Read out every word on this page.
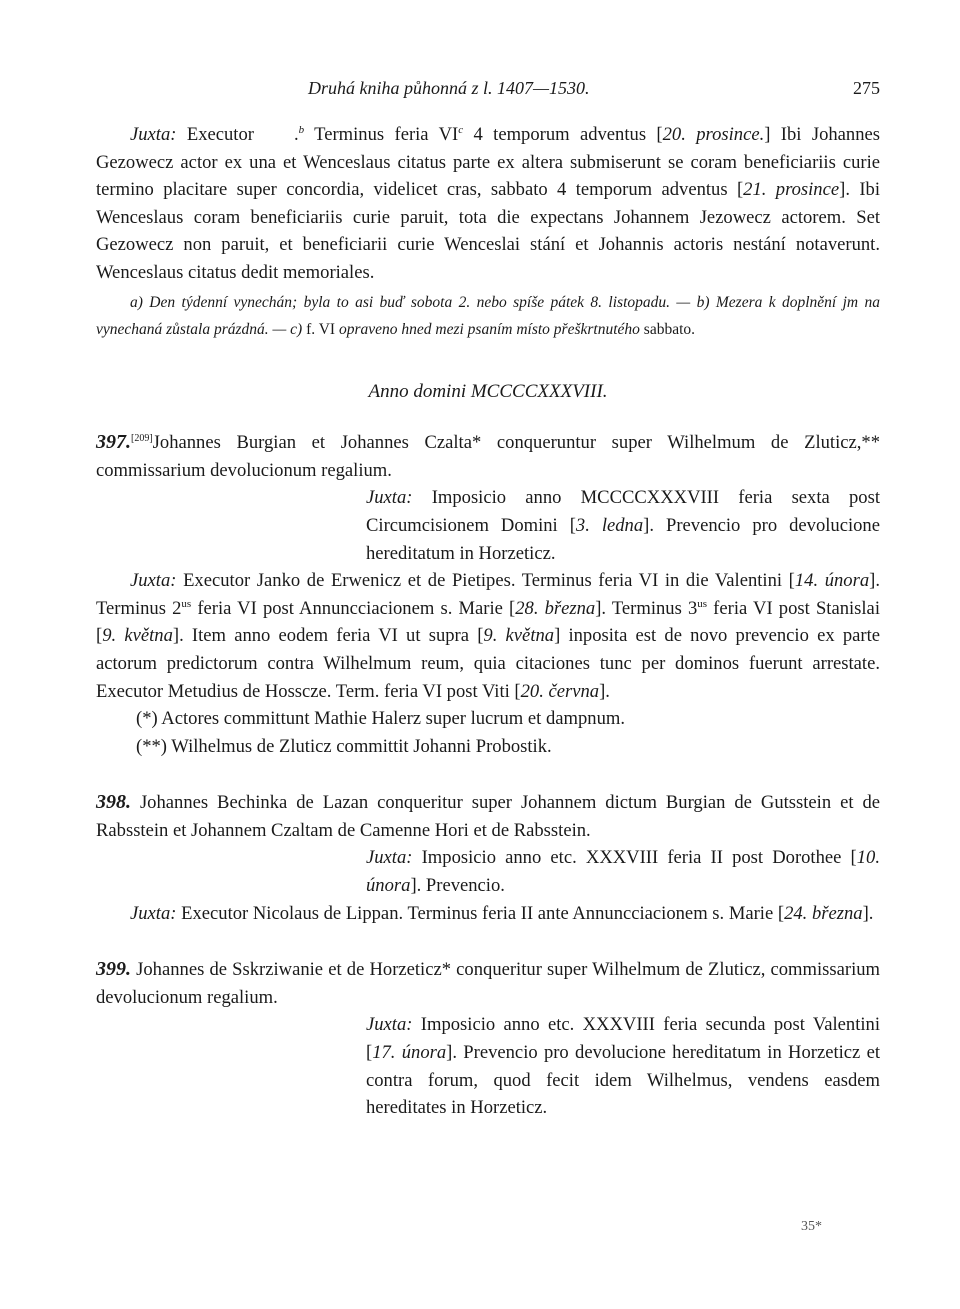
Druhá kniha půhonná z l. 1407—1530.	275

Juxta: Executor .$^b$ Terminus feria $VI^c$ 4 temporum adventus [20. prosince.] Ibi Johannes Gezowecz actor ex una et Wenceslaus citatus parte ex altera submiserunt se coram beneficiariis curie termino placitare super concordia, videlicet cras, sabbato 4 temporum adventus [21. prosince]. Ibi Wenceslaus coram beneficiariis curie paruit, tota die expectans Johannem Jezowecz actorem. Set Gezowecz non paruit, et beneficiarii curie Wenceslai stání et Johannis actoris nestání notaverunt. Wenceslaus citatus dedit memoriales.

a) Den týdenní vynechán; byla to asi buď sobota 2. nebo spíše pátek 8. listopadu. — b) Mezera k doplnění jm na vynechaná zůstala prázdná. — c) f. VI opraveno hned mezi psaním místo přeškrtnutého sabbato.

Anno domini MCCCCXXXVIII.

397.[209]Johannes Burgian et Johannes Czalta* conqueruntur super Wilhelmum de Zluticz,** commissarium devolucionum regalium.

Juxta: Imposicio anno MCCCCXXXVIII feria sexta post Circumcisionem Domini [3. ledna]. Prevencio pro devolucione hereditatum in Horzeticz.

Juxta: Executor Janko de Erwenicz et de Pietipes. Terminus feria VI in die Valentini [14. února]. Terminus $2^{us}$ feria VI post Annuncciacionem s. Marie [28. března]. Terminus $3^{us}$ feria VI post Stanislai [9. května]. Item anno eodem feria VI ut supra [9. května] inposita est de novo prevencio ex parte actorum predictorum contra Wilhelmum reum, quia citaciones tunc per dominos fuerunt arrestate. Executor Metudius de Hossсze. Term. feria VI post Viti [20. června].

(*) Actores committunt Mathie Halerz super lucrum et dampnum.

(**) Wilhelmus de Zluticz committit Johanni Probostik.

398. Johannes Bechinka de Lazan conqueritur super Johannem dictum Burgian de Gutsstein et de Rabsstein et Johannem Czaltam de Camenne Hori et de Rabsstein.

Juxta: Imposicio anno etc. XXXVIII feria II post Dorothee [10. února]. Prevencio.

Juxta: Executor Nicolaus de Lippan. Terminus feria II ante Annuncciacionem s. Marie [24. března].

399. Johannes de Sskrziwanie et de Horzeticz* conqueritur super Wilhelmum de Zluticz, commissarium devolucionum regalium.

Juxta: Imposicio anno etc. XXXVIII feria secunda post Valentini [17. února]. Prevencio pro devolucione hereditatum in Horzeticz et contra forum, quod fecit idem Wilhelmus, vendens easdem hereditates in Horzeticz.

35*
